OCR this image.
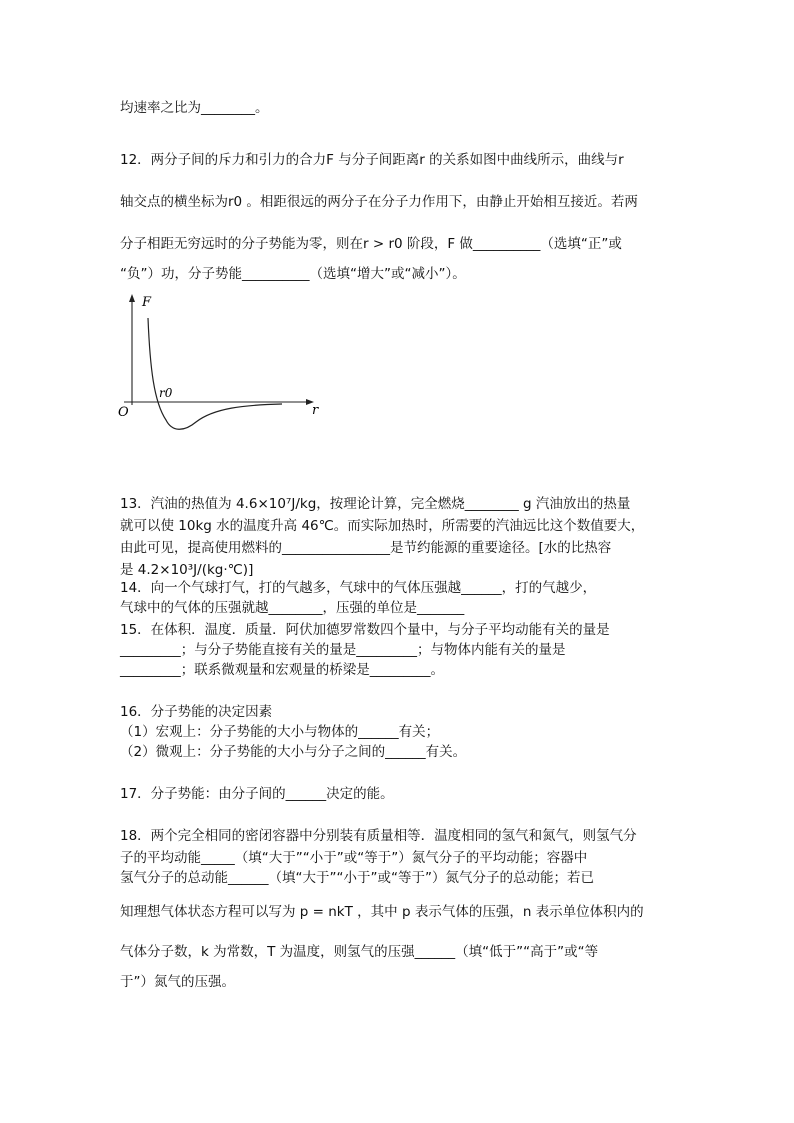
均速率之比为________。
12．两分子间的斥力和引力的合力F 与分子间距离r 的关系如图中曲线所示，曲线与r
轴交点的横坐标为r0 。相距很远的两分子在分子力作用下，由静止开始相互接近。若两
分子相距无穷远时的分子势能为零，则在r > r0 阶段，F 做__________（选填“正”或
“负”）功，分子势能__________（选填“增大”或“减小”）。
F
r
O
r0
13．汽油的热值为 4.6×10⁷J/kg，按理论计算，完全燃烧________ g 汽油放出的热量
就可以使 10kg 水的温度升高 46℃。而实际加热时，所需要的汽油远比这个数值要大，
由此可见，提高使用燃料的________________是节约能源的重要途径。[水的比热容
是 4.2×10³J/(kg·℃)]
14．向一个气球打气，打的气越多，气球中的气体压强越______，打的气越少，
气球中的气体的压强就越________，压强的单位是_______
15．在体积．温度．质量．阿伏加德罗常数四个量中，与分子平均动能有关的量是
_________；与分子势能直接有关的量是_________；与物体内能有关的量是
_________；联系微观量和宏观量的桥梁是_________。
16．分子势能的决定因素
（1）宏观上：分子势能的大小与物体的______有关；
（2）微观上：分子势能的大小与分子之间的______有关。
17．分子势能：由分子间的______决定的能。
18．两个完全相同的密闭容器中分别装有质量相等．温度相同的氢气和氮气，则氢气分
子的平均动能_____（填“大于”“小于”或“等于”）氮气分子的平均动能；容器中
氢气分子的总动能______（填“大于”“小于”或“等于”）氮气分子的总动能；若已
知理想气体状态方程可以写为 p = nkT ，其中 p 表示气体的压强，n 表示单位体积内的
气体分子数，k 为常数，T 为温度，则氢气的压强______（填“低于”“高于”或“等
于”）氮气的压强。
